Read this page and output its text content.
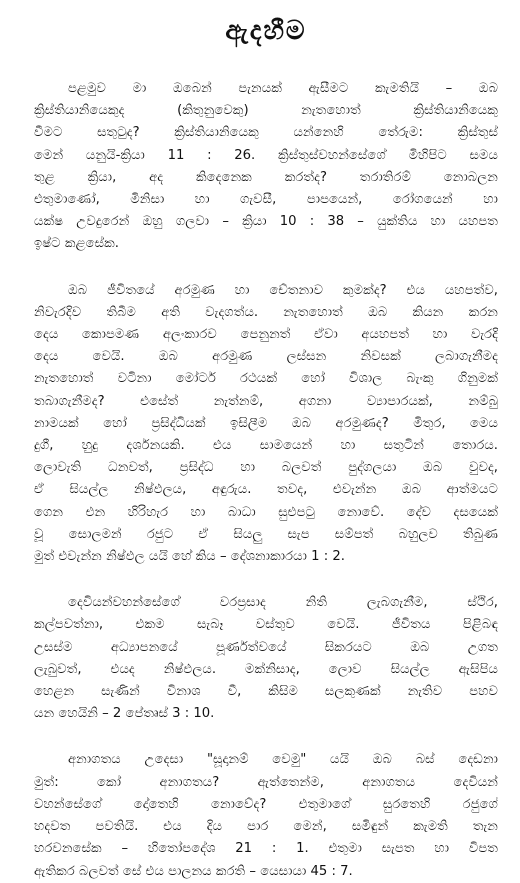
ඇදහීම
පළමුව මා ඔබෙන් පැනයක් ඇසීමට කැමතියි – ඔබ
ක්‍රිස්තියානියෙකුද (කිතුනුවෙකු) නැතහොත් ක්‍රිස්තියානියෙකු
වීමට සතුටුද? ක්‍රිස්තියානියෙකු යන්නෙහි තේරුම: ක්‍රිස්තුස්
මෙන් යනුයි-ක්‍රියා 11 : 26. ක්‍රිස්තුස්වහන්සේගේ මිහිපිට සමය
තුළ ක්‍රියා, අද කිදෙනෙක කරත්ද? තරාතිරම් නොබලන
එතුමාණෝ, මිනිසා හා ගැවසී, පාපයෙන්, රෝගයෙන් හා
යක්ෂ උවදුරෙන් ඔහු ගලවා – ක්‍රියා 10 : 38 – යුක්තිය හා යහපත
ඉෂ්ට කළසේක.
ඔබ ජීවිතයේ අරමුණ හා චේතනාව කුමක්ද? එය යහපත්ව,
නිවැරදිව තිබීම අති වැදගත්ය. නැතහොත් ඔබ කියන කරන
දෙය කොපමණ අලංකාරව පෙනුනත් ඒවා අයහපත් හා වැරදි
දෙය වෙයි. ඔබ අරමුණ ලස්සන නිවසක් ලබාගැනීමද
නැතහොත් වටිනා මෝටර් රථයක් හෝ විශාල බැංකු ගිනුමක්
තබාගැනීමද? එසේත් නැත්නම්, අගනා ව්‍යාපාරයක්, නම්බු
නාමයක් හෝ ප්‍රසිද්ධියක් ඉසිලීම ඔබ අරමුණද? මිතුර, මෙය
දුගී, හුදු දර්ශනයකි. එය සාමයෙන් හා සතුටින් තොරය.
ලොවැති ධනවත්, ප්‍රසිද්ධ හා බලවත් පුද්ගලයා ඔබ වුවද,
ඒ සියල්ල නිෂ්ඵලය, අඳුරුය. තවද, එවැන්න ඔබ ආත්මයට
ගෙන එන හිරිහැර හා බාධා සුළුපටු නොවේ. දේව දසයෙක්
වූ සොලමන් රජුට ඒ සියලු සැප සම්පත් බහුලව තිබුණ
මුත් එවැන්න නිෂ්ඵල යයි හේ කිය – දේශනාකාරයා 1 : 2.
දෙවියන්වහන්සේගේ වරප්‍රසාද නිති ලැබගැනීම, ස්ථිර,
කල්පවත්නා, එකම සැබෑ වස්තුව වෙයි. ජීවිතය පිළිබඳ
උසස්ම අධ්‍යාපනයේ පූර්ණත්වයේ සිකරයට ඔබ උගත
ලැබුවත්, එයද නිෂ්ඵලය. මක්නිසාද, ලොව සියල්ල ඇසිපිය
හෙළන සැණින් විනාශ වී, කිසිම සලකුණක් නැතිව පහව
යන හෙයිනි – 2 පේත්‍රුස් 3 : 10.
අනාගතය උදෙසා "සූදානම් වෙමු" යයි ඔබ බස් දෙඩනා
මුත්: කෝ අනාගතය? ඇත්තෙන්ම, අනාගතය දෙවියන්
වහන්සේගේ දෝතෙහි නොවේද? එතුමාගේ සුරතෙහි රජුගේ
හදවත පවතියි. එය දිය පාර මෙන්, සමිඳුන් කැමති තැන
හරවනසේක – හිතෝපදේශ 21 : 1. එතුමා සැපත හා විපත
ඇතිකර බලවත් සේ එය පාලනය කරති – යෙසායා 45 : 7.
